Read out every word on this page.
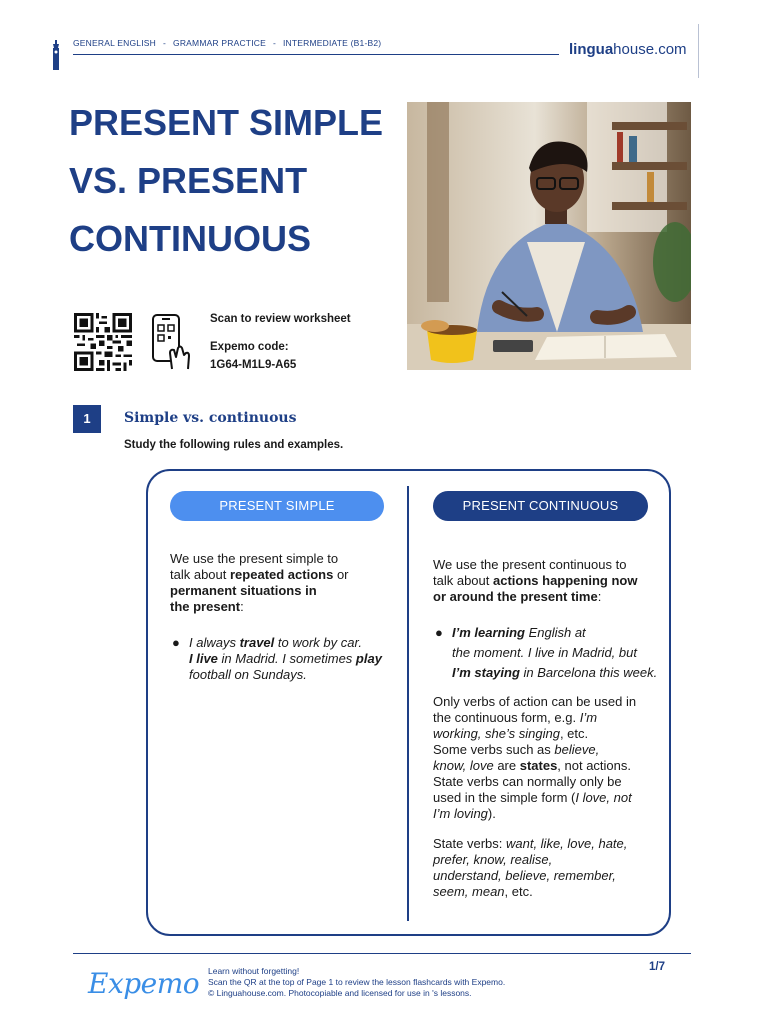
GENERAL ENGLISH - GRAMMAR PRACTICE - INTERMEDIATE (B1-B2)	linguahouse.com
PRESENT SIMPLE
VS. PRESENT
CONTINUOUS
Scan to review worksheet
Expemo code:
1G64-M1L9-A65
1	Simple vs. continuous
Study the following rules and examples.
PRESENT SIMPLE	PRESENT CONTINUOUS
We use the present simple to
talk about repeated actions or
permanent situations in
the present:
● I always travel to work by car.
I live in Madrid. I sometimes play
football on Sundays.
We use the present continuous to
talk about actions happening now
or around the present time:
● I’m learning English at
the moment. I live in Madrid, but
I’m staying in Barcelona this week.
Only verbs of action can be used in
the continuous form, e.g. I’m
working, she’s singing, etc.
Some verbs such as believe,
know, love are states, not actions.
State verbs can normally only be
used in the simple form (I love, not
I’m loving).
State verbs: want, like, love, hate,
prefer, know, realise,
understand, believe, remember,
seem, mean, etc.
Expemo Learn without forgetting!
Scan the QR at the top of Page 1 to review the lesson flashcards with Expemo.
© Linguahouse.com. Photocopiable and licensed for use in 's lessons.
1/7
